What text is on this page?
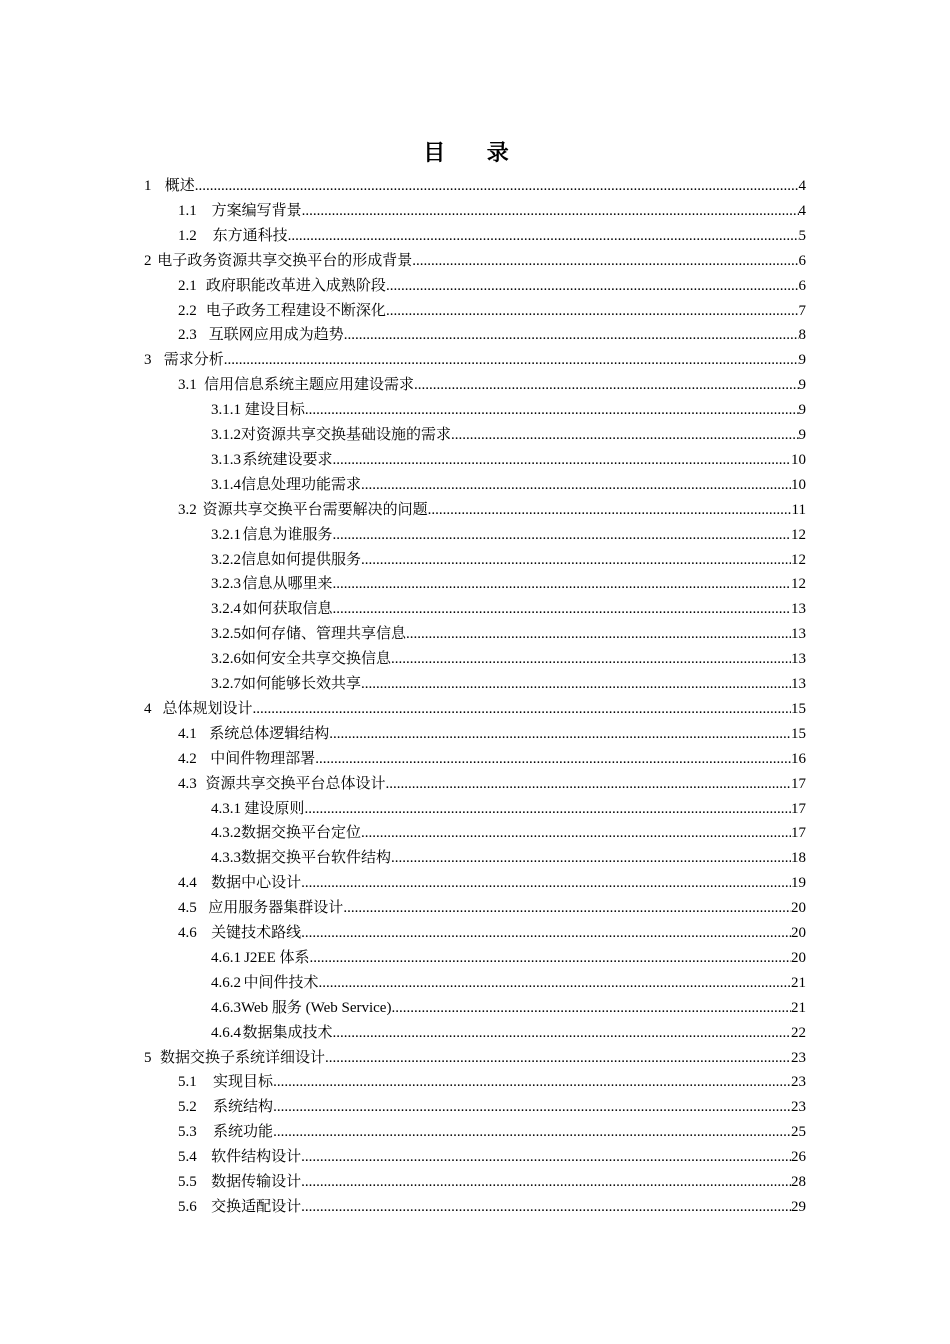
目 录
1 概述 .....	4
1.1 方案编写背景 .....	4
1.2	东方通科技 .....	5
2 电子政务资源共享交换平台的形成背景 .....	6
2.1 政府职能改革进入成熟阶段 .....	6
2.2 电子政务工程建设不断深化 .....	7
2.3 互联网应用成为趋势 .....	8
3 需求分析 .....	9
3.1 信用信息系统主题应用建设需求 .....	9
3.1.1 建设目标 .....	9
3.1.2 对资源共享交换基础设施的需求 .....	9
3.1.3 系统建设要求 .....	10
3.1.4 信息处理功能需求 .....	10
3.2 资源共享交换平台需要解决的问题 .....	11
3.2.1 信息为谁服务 .....	12
3.2.2 信息如何提供服务 .....	12
3.2.3 信息从哪里来 .....	12
3.2.4 如何获取信息 .....	13
3.2.5 如何存储、管理共享信息 .....	13
3.2.6 如何安全共享交换信息 .....	13
3.2.7 如何能够长效共享 .....	13
4 总体规划设计 .....	15
4.1 系统总体逻辑结构 .....	15
4.2 中间件物理部署 .....	16
4.3 资源共享交换平台总体设计 .....	17
4.3.1 建设原则 .....	17
4.3.2 数据交换平台定位 .....	17
4.3.3 数据交换平台软件结构 .....	18
4.4 数据中心设计 .....	19
4.5 应用服务器集群设计 .....	20
4.6 关键技术路线 .....	20
4.6.1 J2EE 体系 .....	20
4.6.2 中间件技术 .....	21
4.6.3 Web 服务 (Web Service) .....	21
4.6.4 数据集成技术 .....	22
5 数据交换子系统详细设计 .....	23
5.1	实现目标 .....	23
5.2	系统结构 .....	23
5.3	系统功能 .....	25
5.4 软件结构设计 .....	26
5.5 数据传输设计 .....	28
5.6 交换适配设计 .....	29
